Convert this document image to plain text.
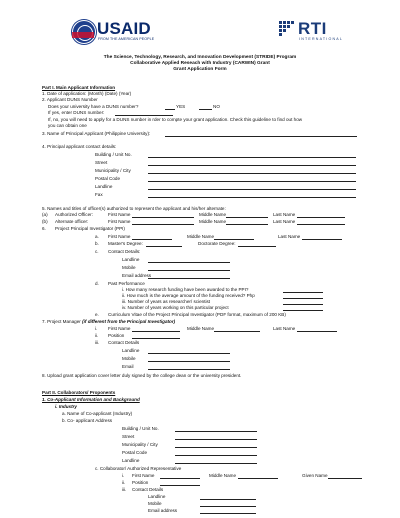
USAID
FROM THE AMERICAN PEOPLE
RTI
INTERNATIONAL
The Science, Technology, Research, and Innovation Development (STRIDE) Program
Collaborative Applied Reseach with Industry (CARWIN) Grant
Grant Application Form
Part I. Main Applicant Information
1. Date of application: (Month) (Date) (Year)
2. Applicant DUNS Number
Does your university have a DUNS number?	YES	NO
If yes, enter DUNS number:
If, no, you will need to apply for a DUNS number in rder to compte your grant application. Check this guideline to find out how
you can obtain one
3. Name of Principal Applicant (Philippine University):
4. Principal applicant contact details:
Building / Unit No.
Street
Municipality / City
Postal Code
Landline
Fax
5. Names and titles of officer(s) authorized to represent the applicant and his/her alternate:
(a) Authorized Officer:	First Name	Middle Name	Last Name
(b) Alternate officer:	First Name	Middle Name	Last Name
6. Project Principal Investigator (PPI)
a. First Name	Middle Name	Last Name
b. Master's Degree:	Doctorate Degree:
c. Contact Details:
Landline
Mobile
Email address
d. Past Performance
i. How many research funding have been awarded to the PPI?
ii. How much is the average amount of the funding received? Php
iii. Number of years as researcher/ scientist
iv. Number of years working on this particular project
e. Curriculum Vitae of the Project Principal Investigator (PDF format, maximum of 200 KB)
7. Project Manager (if different from the Principal Investigator)
i. First Name	Middle Name	Last Name
ii. Position
iii. Contact Details
Landline
Mobile
Email
8. Upload grant application cover letter duly signed by the college dean or the university president.
Part II. Collaborators/ Proponents
1. Co-Applicant Information and Background
i. Industry
a. Name of Co-applicant (Industry)
b. Co- applicant Address
Building / Unit No.
Street
Municipality / City
Postal Code
Landline
c. Collaborator/ Authorized Representative
i. First Name	Middle Name	Given Name
ii. Position
iii. Contact Details
Landline
Mobile
Email address
